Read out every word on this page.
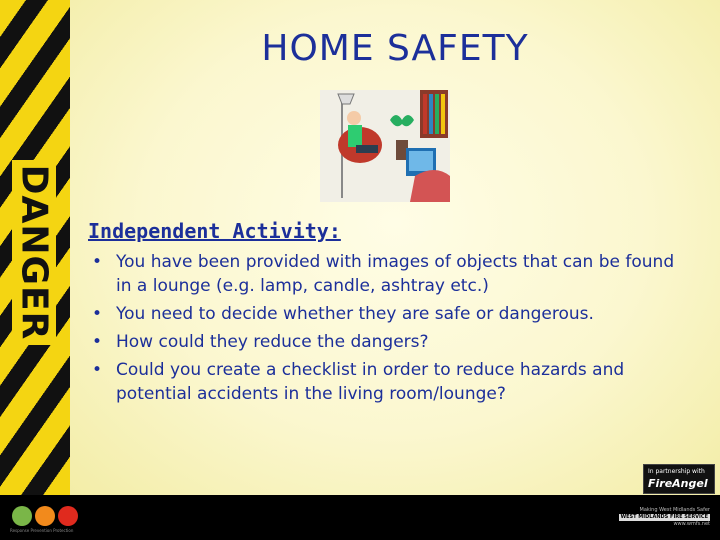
DANGER
HOME SAFETY
Independent Activity:
• You have been provided with images of objects that can be found in a lounge (e.g. lamp, candle, ashtray etc.)
• You need to decide whether they are safe or dangerous.
• How could they reduce the dangers?
• Could you create a checklist in order to reduce hazards and potential accidents in the living room/lounge?
In partnership with
FireAngel
Response Prevention Protection
Making West Midlands Safer
WEST MIDLANDS FIRE SERVICE
www.wmfs.net
